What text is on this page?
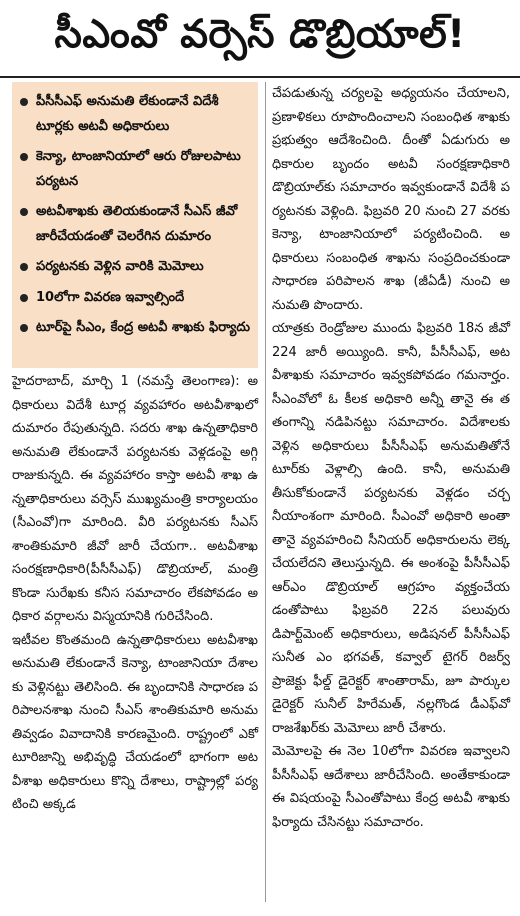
సీఎంవో వర్సెస్ డొబ్రియాల్!
పీసీసీఎఫ్ అనుమతి లేకుండానే విదేశీ టూర్లకు అటవీ అధికారులు
కెన్యా, టాంజానియాలో ఆరు రోజులపాటు పర్యటన
అటవీశాఖకు తెలియకుండానే సీఎస్ జీవో జారీచేయడంతో చెలరేగిన దుమారం
పర్యటనకు వెళ్లిన వారికి మెమోలు
10లోగా వివరణ ఇవ్వాల్సిందే
టూర్‌పై సీఎం, కేంద్ర అటవీ శాఖకు ఫిర్యాదు

హైదరాబాద్, మార్చి 1 (నమస్తే తెలంగాణ): అధికారులు విదేశీ టూర్ల వ్యవహారం అటవీశాఖలో దుమారం రేపుతున్నది. సదరు శాఖ ఉన్నతాధికారి అనుమతి లేకుండానే పర్యటనకు వెళ్లడంపై అగ్గి రాజుకున్నది. ఈ వ్యవహారం కాస్తా అటవీ శాఖ ఉన్నతాధికారులు వర్సెస్ ముఖ్యమంత్రి కార్యాలయం (సీఎంవో)గా మారింది. వీరి పర్యటనకు సీఎస్ శాంతికుమారి జీవో జారీ చేయగా.. అటవీశాఖ సంరక్షణాధికారి(పీసీసీఎఫ్) డొబ్రియాల్, మంత్రి కొండా సురేఖకు కనీస సమాచారం లేకపోవడం అధికార వర్గాలను విస్మయానికి గురిచేసింది.

ఇటీవల కొంతమంది ఉన్నతాధికారులు అటవీశాఖ అనుమతి లేకుండానే కెన్యా, టాంజానియా దేశాలకు వెళ్లినట్టు తెలిసింది. ఈ బృందానికి సాధారణ పరిపాలనశాఖ నుంచి సీఎస్ శాంతికుమారి అనుమతివ్వడం వివాదానికి కారణమైంది. రాష్ట్రంలో ఎకో టూరిజాన్ని అభివృద్ధి చేయడంలో భాగంగా అటవీశాఖ అధికారులు కొన్ని దేశాలు, రాష్ట్రాల్లో పర్యటించి అక్కడ

చేపడుతున్న చర్యలపై అధ్యయనం చేయాలని, ప్రణాళికలు రూపొందించాలని సంబంధిత శాఖకు ప్రభుత్వం ఆదేశించింది. దీంతో ఏడుగురు అధికారుల బృందం అటవీ సంరక్షణాధికారి డొబ్రియాల్‌కు సమాచారం ఇవ్వకుండానే విదేశీ పర్యటనకు వెళ్లింది. ఫిబ్రవరి 20 నుంచి 27 వరకు కెన్యా, టాంజానియాలో పర్యటించింది. అధికారులు సంబంధిత శాఖను సంప్రదించకుండా సాధారణ పరిపాలన శాఖ (జీఏడీ) నుంచి అనుమతి పొందారు.

యాత్రకు రెండ్రోజుల ముందు ఫిబ్రవరి 18న జీవో 224 జారీ అయ్యింది. కానీ, పీసీసీఎఫ్, అటవీశాఖకు సమాచారం ఇవ్వకపోవడం గమనార్హం. సీఎంవోలో ఓ కీలక అధికారి అన్నీ తానై ఈ తతంగాన్ని నడిపినట్టు సమాచారం. విదేశాలకు వెళ్లిన అధికారులు పీసీసీఎఫ్ అనుమతితోనే టూర్‌కు వెళ్లాల్సి ఉంది. కానీ, అనుమతి తీసుకోకుండానే పర్యటనకు వెళ్లడం చర్చనీయాంశంగా మారింది. సీఎంవో అధికారి అంతా తానై వ్యవహరించి సీనియర్ అధికారులను లెక్కచేయలేదని తెలుస్తున్నది. ఈ అంశంపై పీసీసీఎఫ్ ఆర్‌ఎం డొబ్రియాల్ ఆగ్రహం వ్యక్తంచేయడంతోపాటు ఫిబ్రవరి 22న పలువురు డిపార్ట్‌మెంట్ అధికారులు, అడిషనల్ పీసీసీఎఫ్ సునీత ఎం భగవత్, కవ్వాల్ టైగర్ రిజర్వ్ ప్రాజెక్టు ఫీల్డ్ డైరెక్టర్ శాంతారామ్, జూ పార్కుల డైరెక్టర్ సునీల్ హిరేమత్, నల్లగొండ డీఎఫ్‌వో రాజశేఖర్‌కు మెమోలు జారీ చేశారు.

మెమోలపై ఈ నెల 10లోగా వివరణ ఇవ్వాలని పీసీసీఎఫ్ ఆదేశాలు జారీచేసింది. అంతేకాకుండా ఈ విషయంపై సీఎంతోపాటు కేంద్ర అటవీ శాఖకు ఫిర్యాదు చేసినట్టు సమాచారం.
